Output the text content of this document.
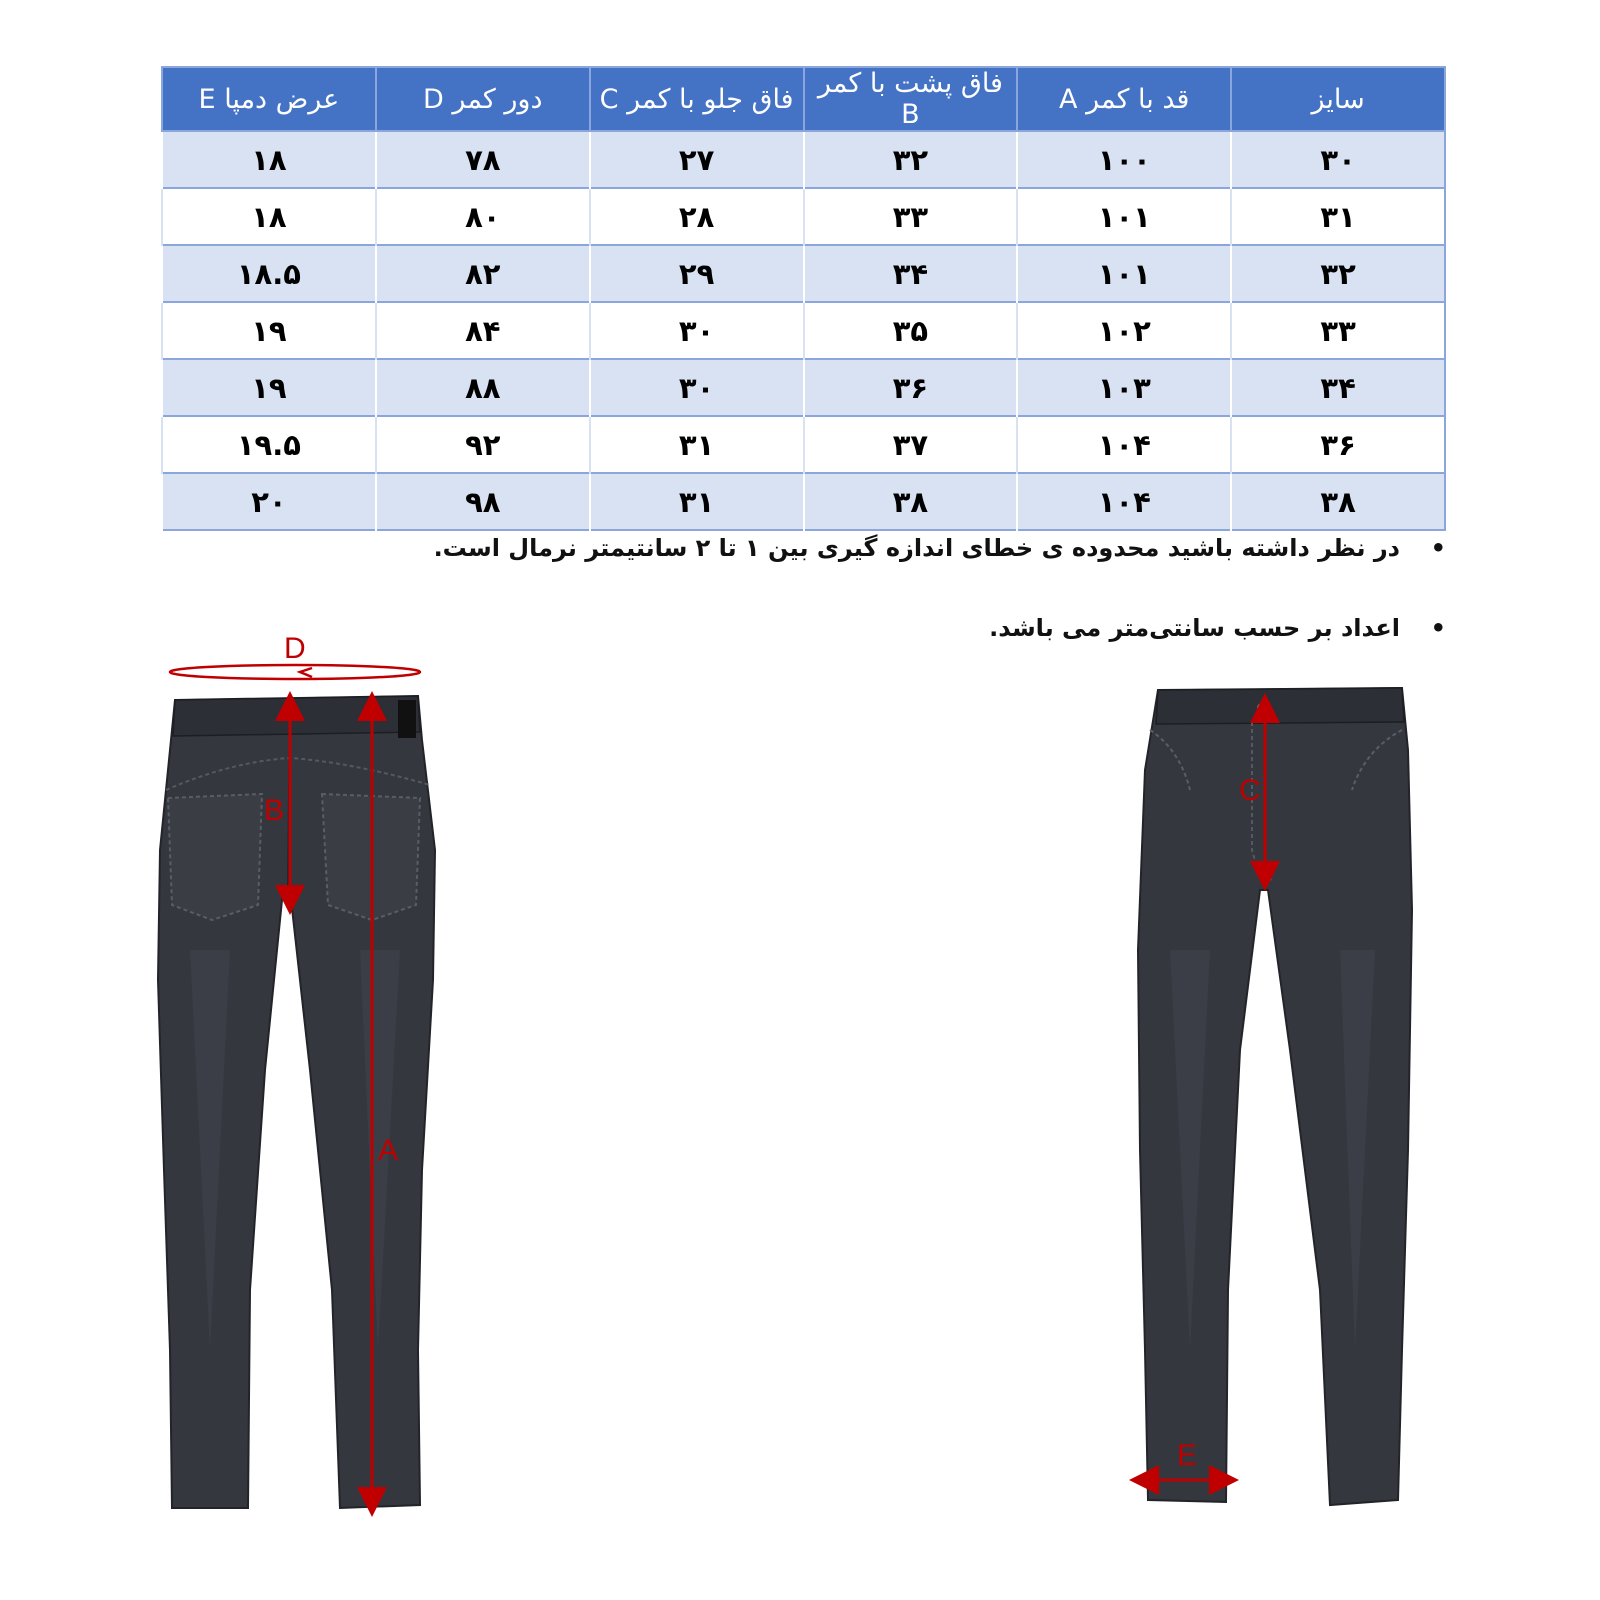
سایز	قد با کمر A	فاق پشت با کمر B	فاق جلو با کمر C	دور کمر D	عرض دمپا E
۳۰	۱۰۰	۳۲	۲۷	۷۸	۱۸
۳۱	۱۰۱	۳۳	۲۸	۸۰	۱۸
۳۲	۱۰۱	۳۴	۲۹	۸۲	۱۸.۵
۳۳	۱۰۲	۳۵	۳۰	۸۴	۱۹
۳۴	۱۰۳	۳۶	۳۰	۸۸	۱۹
۳۶	۱۰۴	۳۷	۳۱	۹۲	۱۹.۵
۳۸	۱۰۴	۳۸	۳۱	۹۸	۲۰
•
در نظر داشته باشید محدوده ی خطای اندازه گیری بین ۱ تا ۲ سانتیمتر نرمال است.
•
اعداد بر حسب سانتی‌متر می باشد.
D
B
A
C
E
